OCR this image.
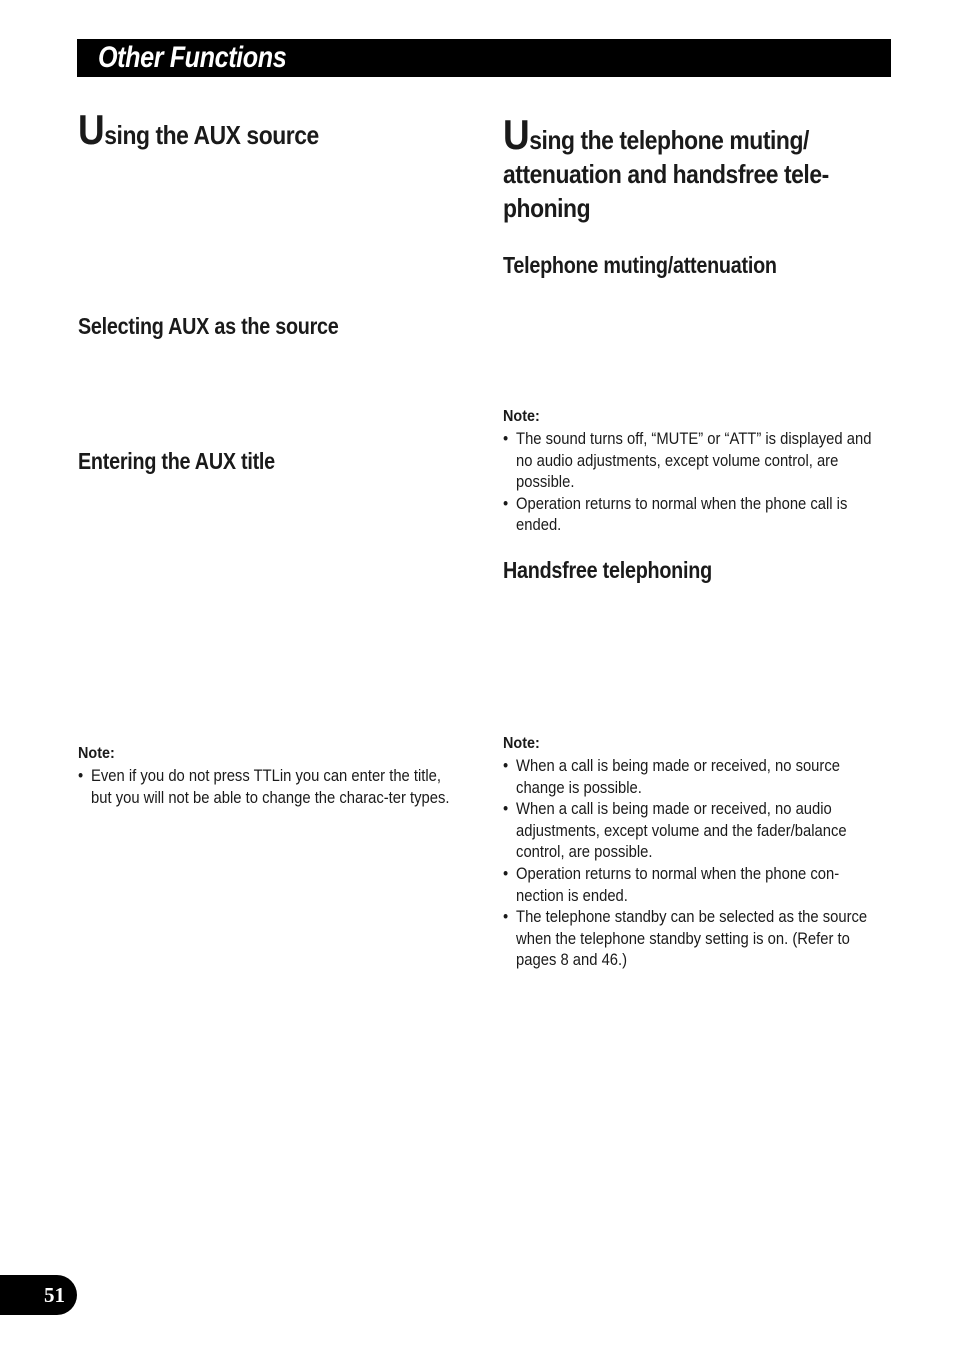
Other Functions
Using the AUX source
Selecting AUX as the source
Entering the AUX title
Note:
• Even if you do not press TTLin you can enter the title, but you will not be able to change the charac-ter types.
Using the telephone muting/
attenuation and handsfree tele-
phoning
Telephone muting/attenuation
Note:
• The sound turns off, “MUTE” or “ATT” is displayed and no audio adjustments, except volume control, are possible.
• Operation returns to normal when the phone call is ended.
Handsfree telephoning
Note:
• When a call is being made or received, no source change is possible.
• When a call is being made or received, no audio adjustments, except volume and the fader/balance control, are possible.
• Operation returns to normal when the phone con-nection is ended.
• The telephone standby can be selected as the source when the telephone standby setting is on. (Refer to pages 8 and 46.)
51
